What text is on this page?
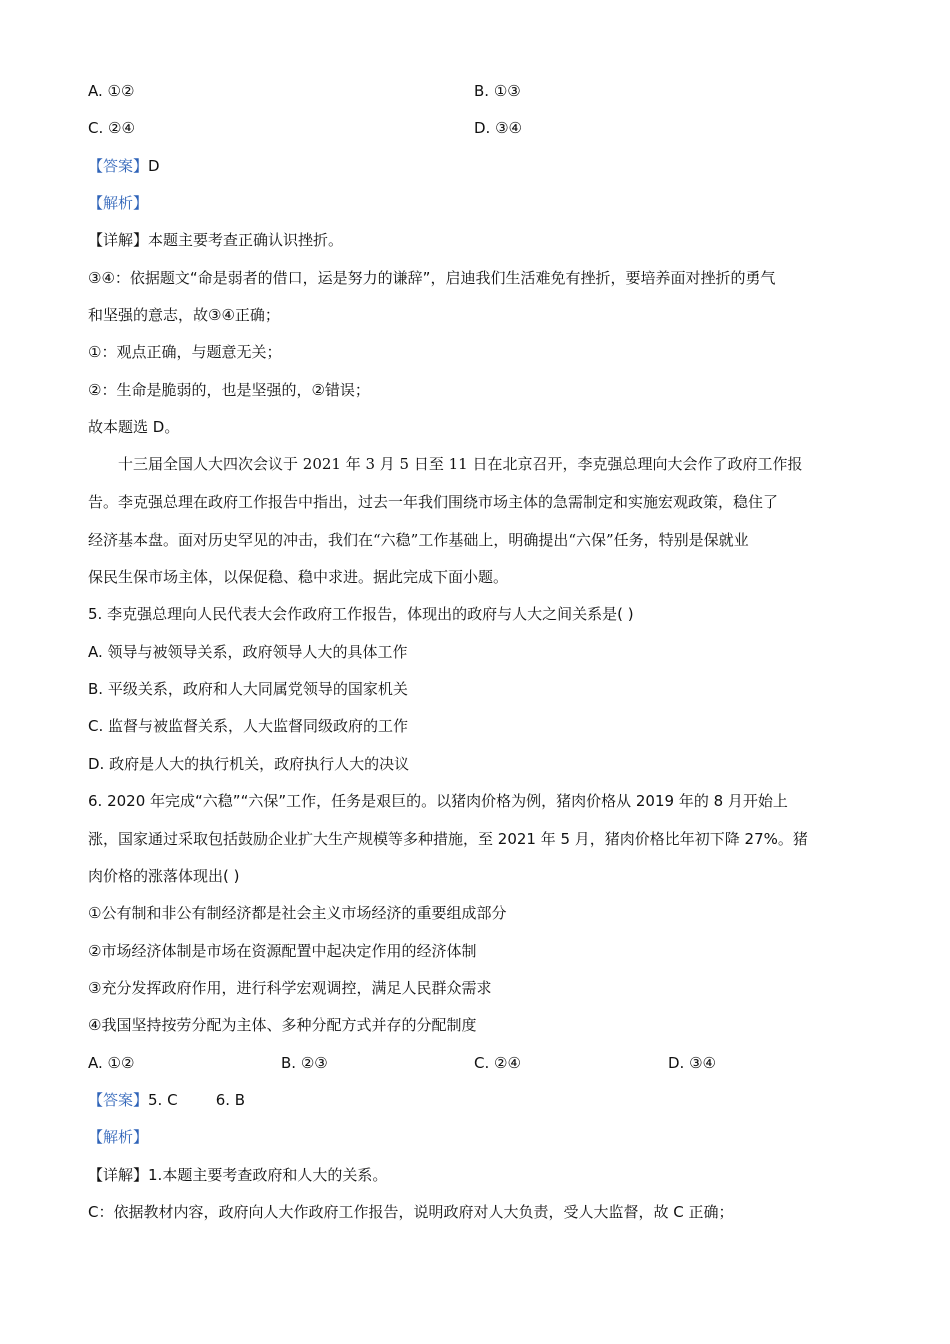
A. ①②	B. ①③
C. ②④	D. ③④
【答案】D
【解析】
【详解】本题主要考查正确认识挫折。
③④：依据题文“命是弱者的借口，运是努力的谦辞”，启迪我们生活难免有挫折，要培养面对挫折的勇气
和坚强的意志，故③④正确；
①：观点正确，与题意无关；
②：生命是脆弱的，也是坚强的，②错误；
故本题选 D。
十三届全国人大四次会议于 2021 年 3 月 5 日至 11 日在北京召开，李克强总理向大会作了政府工作报
告。李克强总理在政府工作报告中指出，过去一年我们围绕市场主体的急需制定和实施宏观政策，稳住了
经济基本盘。面对历史罕见的冲击，我们在“六稳”工作基础上，明确提出“六保”任务，特别是保就业
保民生保市场主体，以保促稳、稳中求进。据此完成下面小题。
5. 李克强总理向人民代表大会作政府工作报告，体现出的政府与人大之间关系是( )
A. 领导与被领导关系，政府领导人大的具体工作
B. 平级关系，政府和人大同属党领导的国家机关
C. 监督与被监督关系，人大监督同级政府的工作
D. 政府是人大的执行机关，政府执行人大的决议
6. 2020 年完成“六稳”“六保”工作，任务是艰巨的。以猪肉价格为例，猪肉价格从 2019 年的 8 月开始上
涨，国家通过采取包括鼓励企业扩大生产规模等多种措施，至 2021 年 5 月，猪肉价格比年初下降 27%。猪
肉价格的涨落体现出( )
①公有制和非公有制经济都是社会主义市场经济的重要组成部分
②市场经济体制是市场在资源配置中起决定作用的经济体制
③充分发挥政府作用，进行科学宏观调控，满足人民群众需求
④我国坚持按劳分配为主体、多种分配方式并存的分配制度
A. ①②	B. ②③	C. ②④	D. ③④
【答案】5. C        6. B
【解析】
【详解】1.本题主要考查政府和人大的关系。
C：依据教材内容，政府向人大作政府工作报告，说明政府对人大负责，受人大监督，故 C 正确；
